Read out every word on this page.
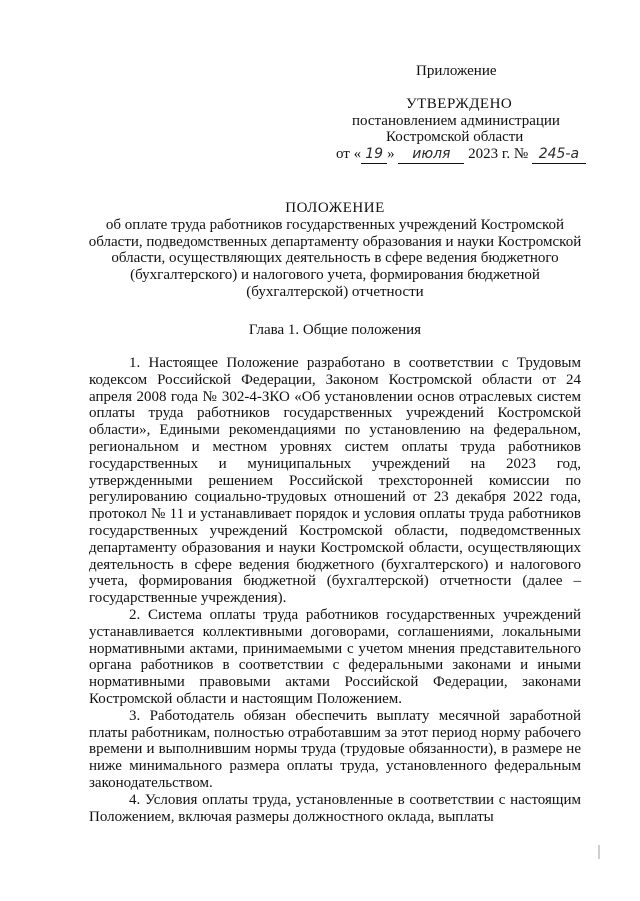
Приложение
УТВЕРЖДЕНО
постановлением администрации
Костромской области
от « 19 » июля 2023 г. № 245-а
ПОЛОЖЕНИЕ

об оплате труда работников государственных учреждений Костромской области, подведомственных департаменту образования и науки Костромской области, осуществляющих деятельность в сфере ведения бюджетного (бухгалтерского) и налогового учета, формирования бюджетной (бухгалтерской) отчетности

Глава 1. Общие положения

1. Настоящее Положение разработано в соответствии с Трудовым кодексом Российской Федерации, Законом Костромской области от 24 апреля 2008 года № 302-4-ЗКО «Об установлении основ отраслевых систем оплаты труда работников государственных учреждений Костромской области», Едиными рекомендациями по установлению на федеральном, региональном и местном уровнях систем оплаты труда работников государственных и муниципальных учреждений на 2023 год, утвержденными решением Российской трехсторонней комиссии по регулированию социально-трудовых отношений от 23 декабря 2022 года, протокол № 11 и устанавливает порядок и условия оплаты труда работников государственных учреждений Костромской области, подведомственных департаменту образования и науки Костромской области, осуществляющих деятельность в сфере ведения бюджетного (бухгалтерского) и налогового учета, формирования бюджетной (бухгалтерской) отчетности (далее – государственные учреждения).

2. Система оплаты труда работников государственных учреждений устанавливается коллективными договорами, соглашениями, локальными нормативными актами, принимаемыми с учетом мнения представительного органа работников в соответствии с федеральными законами и иными нормативными правовыми актами Российской Федерации, законами Костромской области и настоящим Положением.

3. Работодатель обязан обеспечить выплату месячной заработной платы работникам, полностью отработавшим за этот период норму рабочего времени и выполнившим нормы труда (трудовые обязанности), в размере не ниже минимального размера оплаты труда, установленного федеральным законодательством.

4. Условия оплаты труда, установленные в соответствии с настоящим Положением, включая размеры должностного оклада, выплаты
